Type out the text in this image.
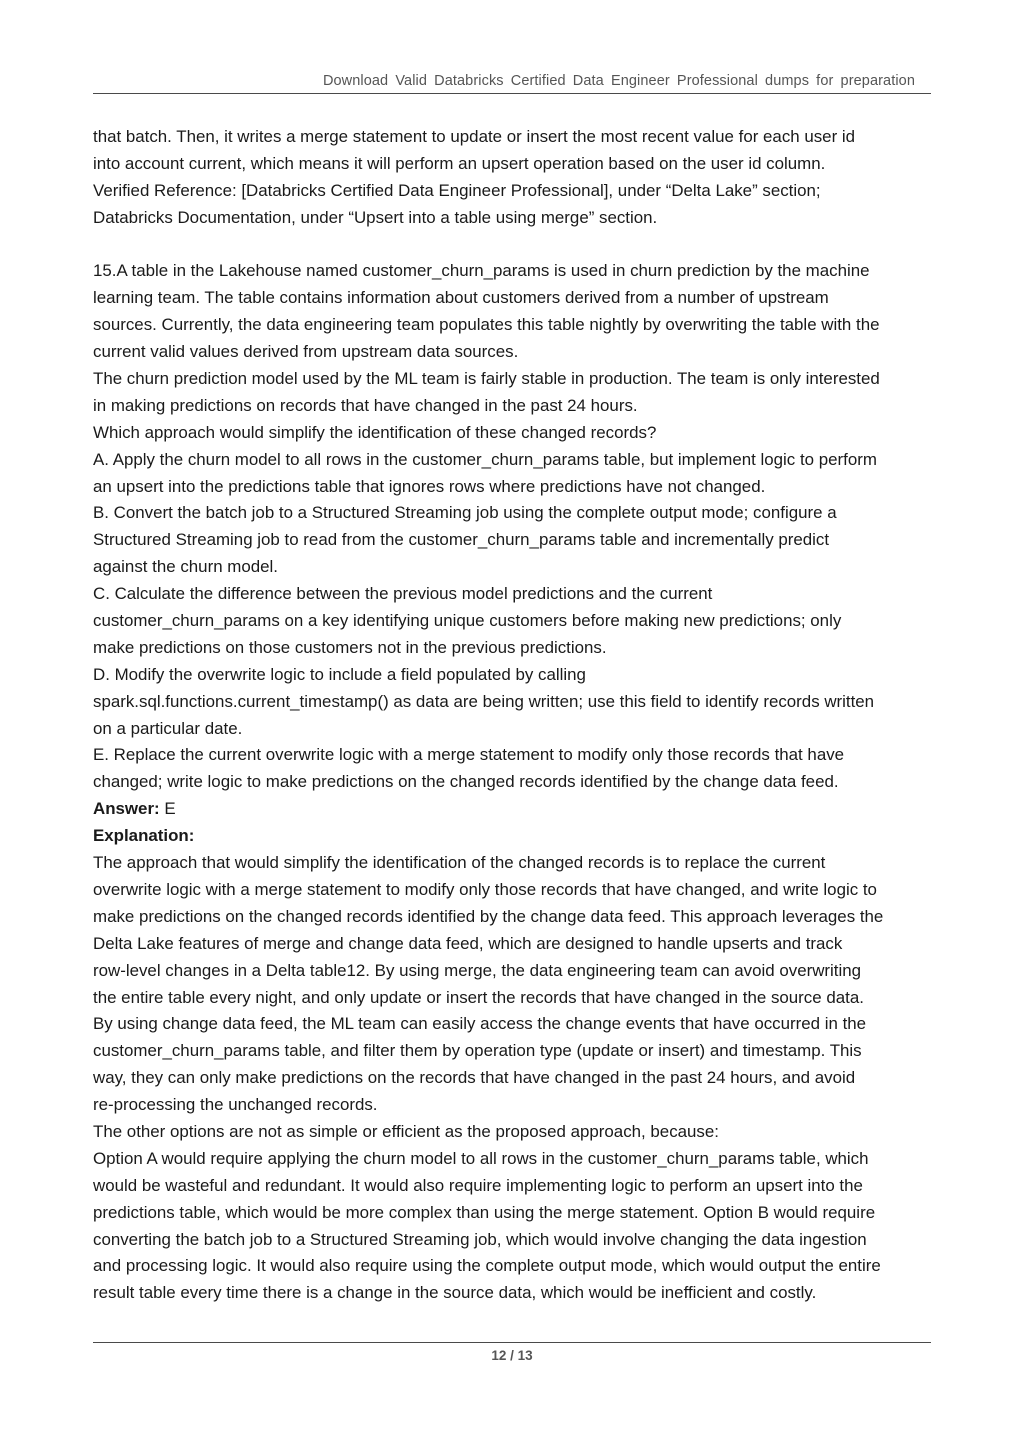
Download Valid Databricks Certified Data Engineer Professional dumps for preparation
that batch. Then, it writes a merge statement to update or insert the most recent value for each user id
into account current, which means it will perform an upsert operation based on the user id column.
Verified Reference: [Databricks Certified Data Engineer Professional], under “Delta Lake” section;
Databricks Documentation, under “Upsert into a table using merge” section.
15.A table in the Lakehouse named customer_churn_params is used in churn prediction by the machine
learning team. The table contains information about customers derived from a number of upstream
sources. Currently, the data engineering team populates this table nightly by overwriting the table with the
current valid values derived from upstream data sources.
The churn prediction model used by the ML team is fairly stable in production. The team is only interested
in making predictions on records that have changed in the past 24 hours.
Which approach would simplify the identification of these changed records?
A. Apply the churn model to all rows in the customer_churn_params table, but implement logic to perform
an upsert into the predictions table that ignores rows where predictions have not changed.
B. Convert the batch job to a Structured Streaming job using the complete output mode; configure a
Structured Streaming job to read from the customer_churn_params table and incrementally predict
against the churn model.
C. Calculate the difference between the previous model predictions and the current
customer_churn_params on a key identifying unique customers before making new predictions; only
make predictions on those customers not in the previous predictions.
D. Modify the overwrite logic to include a field populated by calling
spark.sql.functions.current_timestamp() as data are being written; use this field to identify records written
on a particular date.
E. Replace the current overwrite logic with a merge statement to modify only those records that have
changed; write logic to make predictions on the changed records identified by the change data feed.
Answer: E
Explanation:
The approach that would simplify the identification of the changed records is to replace the current
overwrite logic with a merge statement to modify only those records that have changed, and write logic to
make predictions on the changed records identified by the change data feed. This approach leverages the
Delta Lake features of merge and change data feed, which are designed to handle upserts and track
row-level changes in a Delta table12. By using merge, the data engineering team can avoid overwriting
the entire table every night, and only update or insert the records that have changed in the source data.
By using change data feed, the ML team can easily access the change events that have occurred in the
customer_churn_params table, and filter them by operation type (update or insert) and timestamp. This
way, they can only make predictions on the records that have changed in the past 24 hours, and avoid
re-processing the unchanged records.
The other options are not as simple or efficient as the proposed approach, because:
Option A would require applying the churn model to all rows in the customer_churn_params table, which
would be wasteful and redundant. It would also require implementing logic to perform an upsert into the
predictions table, which would be more complex than using the merge statement. Option B would require
converting the batch job to a Structured Streaming job, which would involve changing the data ingestion
and processing logic. It would also require using the complete output mode, which would output the entire
result table every time there is a change in the source data, which would be inefficient and costly.
12 / 13
